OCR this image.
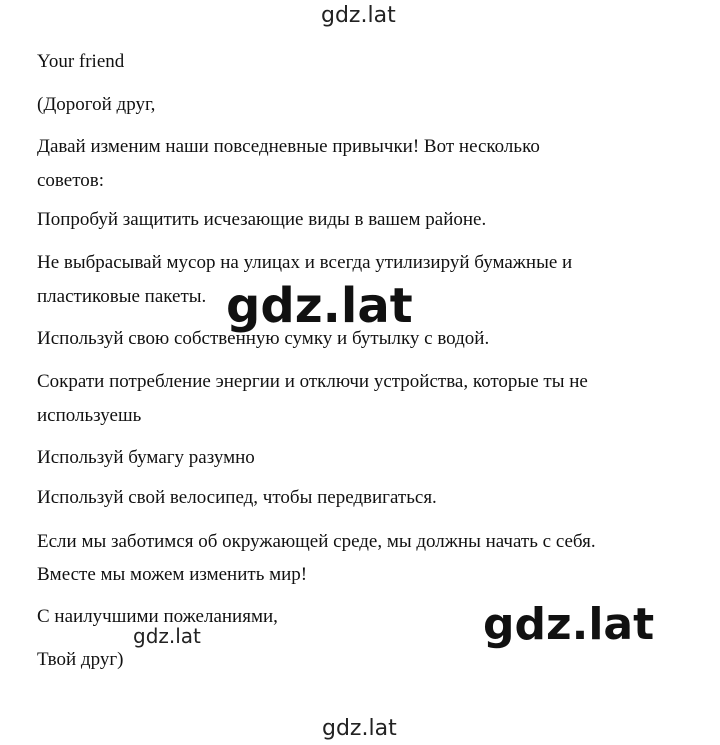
Your friend
(Дорогой друг,
Давай изменим наши повседневные привычки! Вот несколько
советов:
Попробуй защитить исчезающие виды в вашем районе.
Не выбрасывай мусор на улицах и всегда утилизируй бумажные и
пластиковые пакеты.
Используй свою собственную сумку и бутылку с водой.
Сократи потребление энергии и отключи устройства, которые ты не
используешь
Используй бумагу разумно
Используй свой велосипед, чтобы передвигаться.
Если мы заботимся об окружающей среде, мы должны начать с себя.
Вместе мы можем изменить мир!
С наилучшими пожеланиями,
Твой друг)
gdz.lat
gdz.lat
gdz.lat
gdz.lat
gdz.lat
